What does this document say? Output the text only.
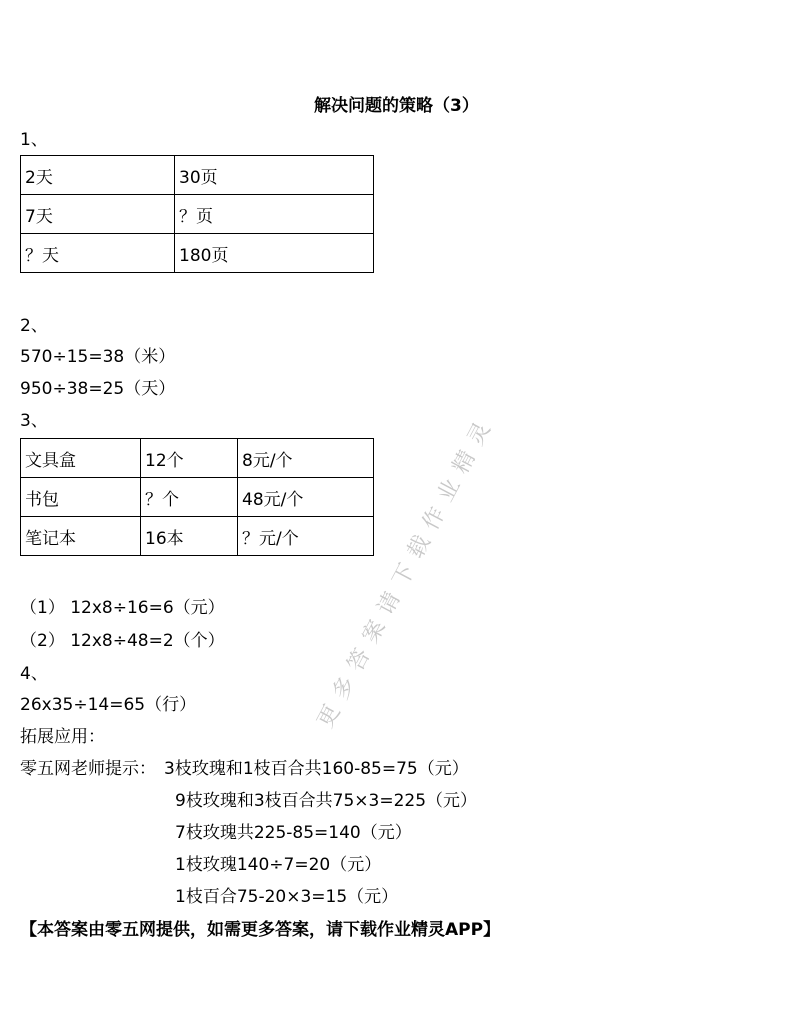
解决问题的策略（3）
1、
2天	30页
7天	？页
？天	180页
2、
570÷15=38（米）
950÷38=25（天）
3、
文具盒	12个	8元/个
书包	？个	48元/个
笔记本	16本	？元/个
（1） 12x8÷16=6（元）
（2） 12x8÷48=2（个）
4、
26x35÷14=65（行）
拓展应用：
零五网老师提示： 3枝玫瑰和1枝百合共160-85=75（元）
9枝玫瑰和3枝百合共75×3=225（元）
7枝玫瑰共225-85=140（元）
1枝玫瑰140÷7=20（元）
1枝百合75-20×3=15（元）
更多答案请下载作业精灵
【本答案由零五网提供，如需更多答案，请下载作业精灵APP】
